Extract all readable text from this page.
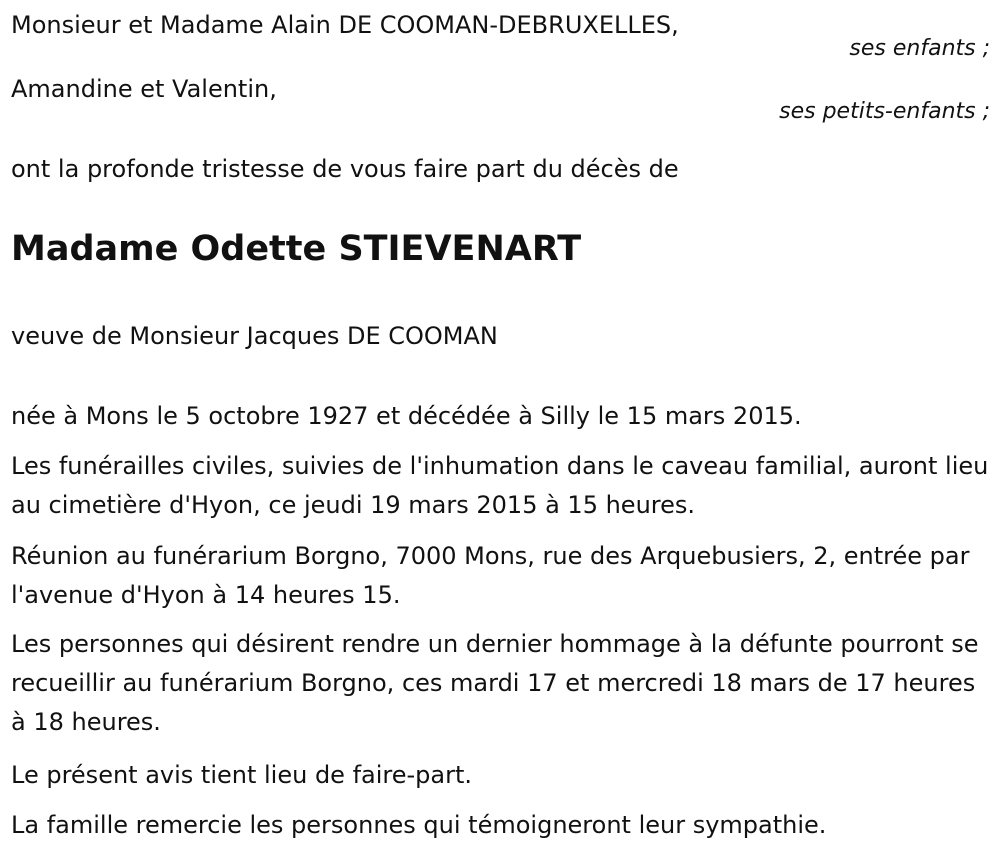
Monsieur et Madame Alain DE COOMAN-DEBRUXELLES,
ses enfants ;
Amandine et Valentin,
ses petits-enfants ;
ont la profonde tristesse de vous faire part du décès de
Madame Odette STIEVENART
veuve de Monsieur Jacques DE COOMAN
née à Mons le 5 octobre 1927 et décédée à Silly le 15 mars 2015.
Les funérailles civiles, suivies de l'inhumation dans le caveau familial, auront lieu au cimetière d'Hyon, ce jeudi 19 mars 2015 à 15 heures.
Réunion au funérarium Borgno, 7000 Mons, rue des Arquebusiers, 2, entrée par l'avenue d'Hyon à 14 heures 15.
Les personnes qui désirent rendre un dernier hommage à la défunte pourront se recueillir au funérarium Borgno, ces mardi 17 et mercredi 18 mars de 17 heures à 18 heures.
Le présent avis tient lieu de faire-part.
La famille remercie les personnes qui témoigneront leur sympathie.
